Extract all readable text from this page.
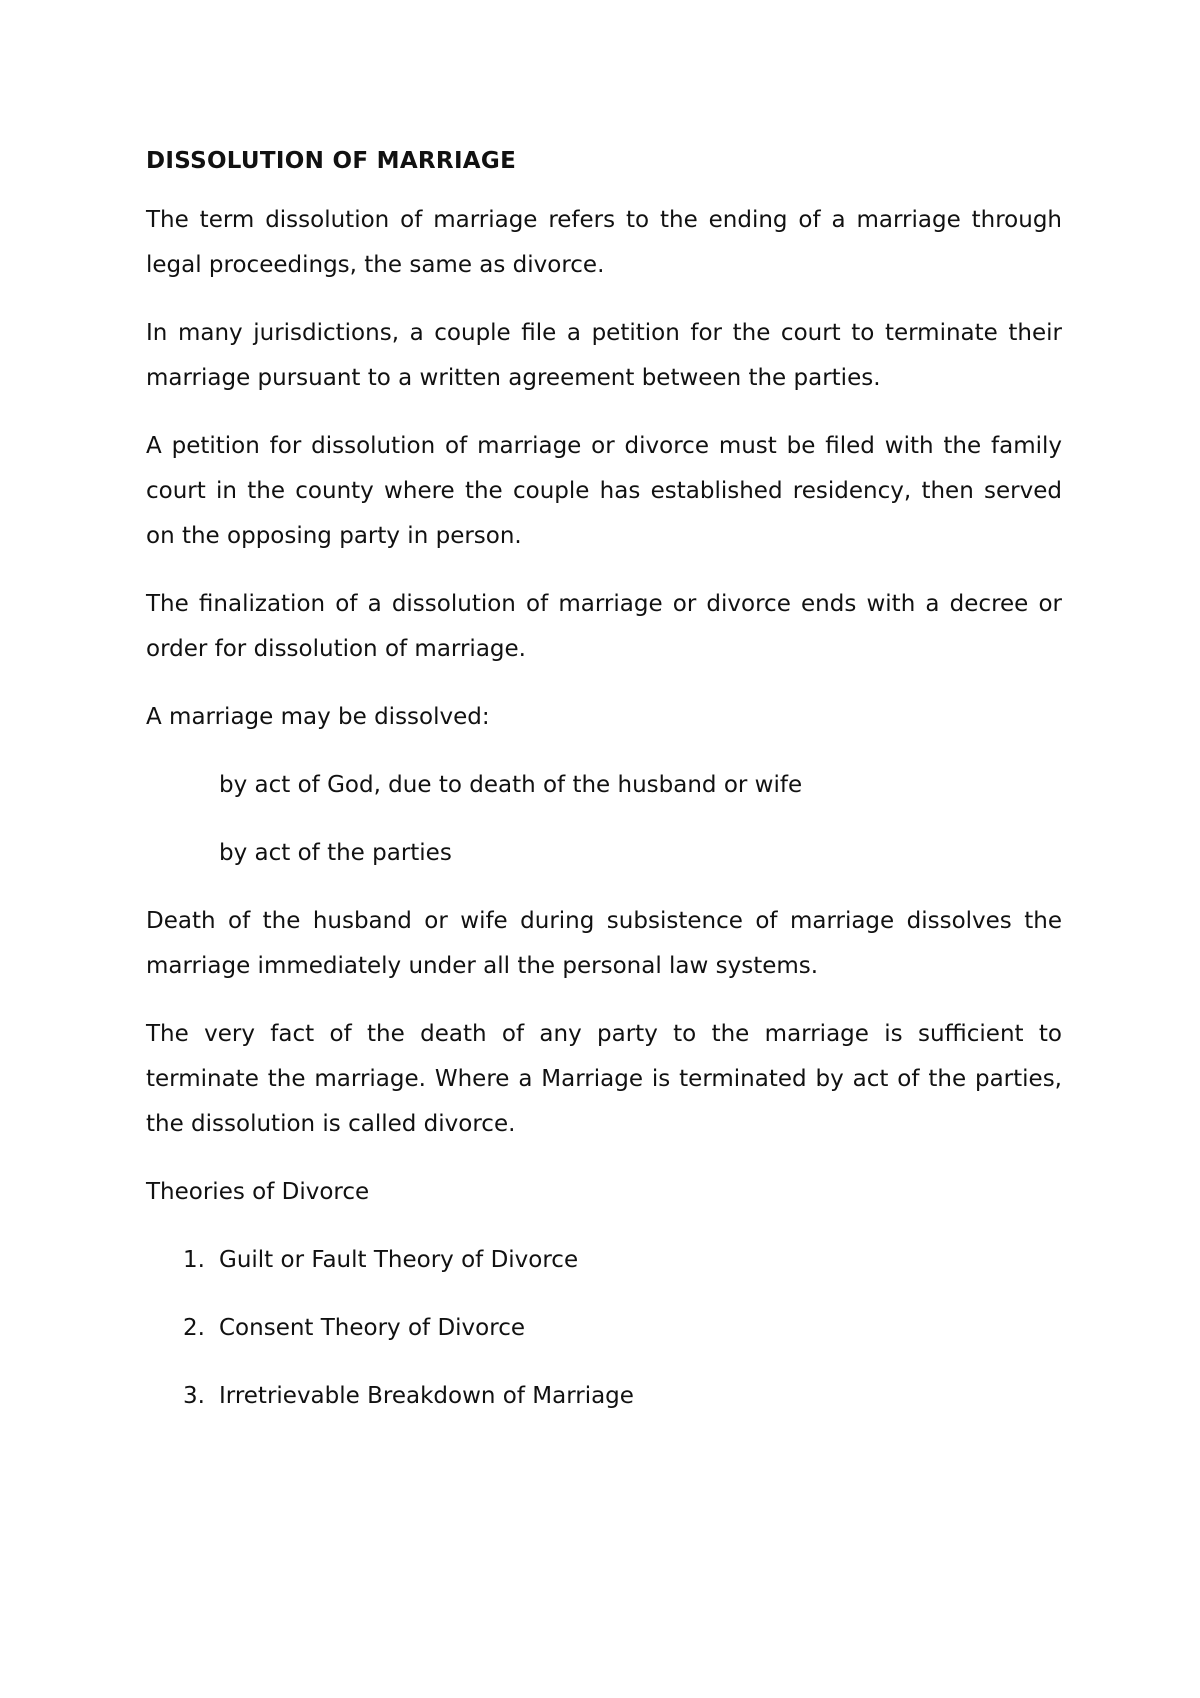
DISSOLUTION OF MARRIAGE

The term dissolution of marriage refers to the ending of a marriage through legal proceedings, the same as divorce.

In many jurisdictions, a couple file a petition for the court to terminate their marriage pursuant to a written agreement between the parties.

A petition for dissolution of marriage or divorce must be filed with the family court in the county where the couple has established residency, then served on the opposing party in person.

The finalization of a dissolution of marriage or divorce ends with a decree or order for dissolution of marriage.

A marriage may be dissolved:

by act of God, due to death of the husband or wife

by act of the parties

Death of the husband or wife during subsistence of marriage dissolves the marriage immediately under all the personal law systems.

The very fact of the death of any party to the marriage is sufficient to terminate the marriage. Where a Marriage is terminated by act of the parties, the dissolution is called divorce.

Theories of Divorce

1. Guilt or Fault Theory of Divorce
2. Consent Theory of Divorce
3. Irretrievable Breakdown of Marriage
